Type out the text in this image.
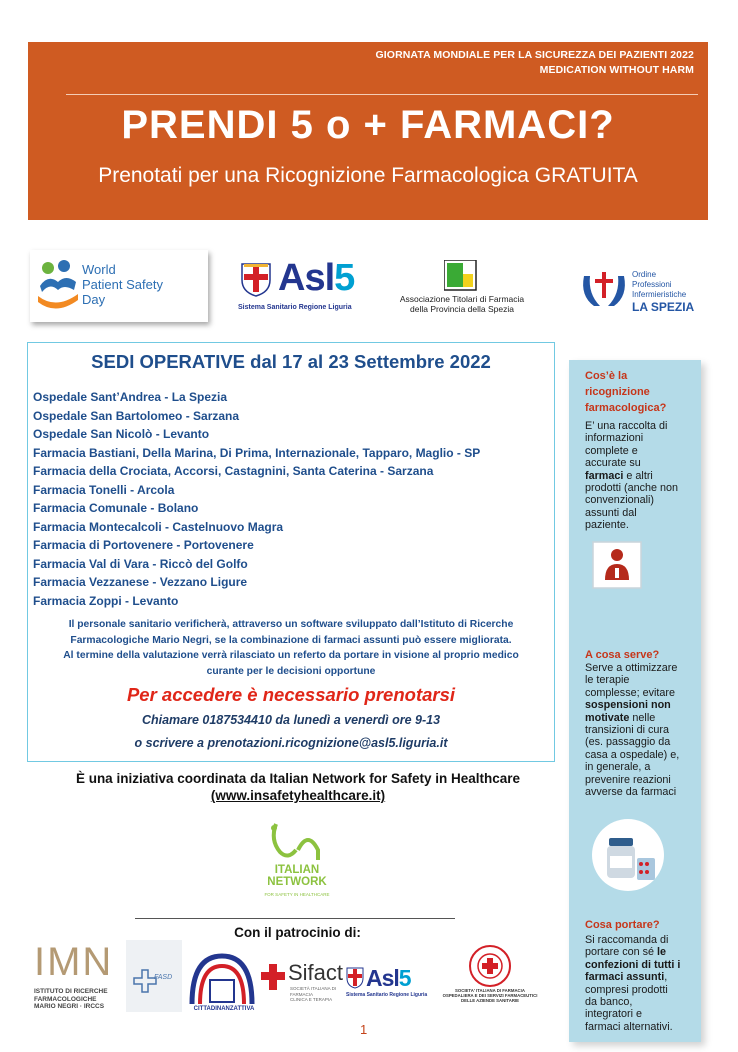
GIORNATA MONDIALE PER LA SICUREZZA DEI PAZIENTI 2022
MEDICATION WITHOUT HARM
PRENDI 5 o + FARMACI?
Prenotati per una Ricognizione Farmacologica GRATUITA
World
Patient Safety
Day
Asl5
Sistema Sanitario Regione Liguria
Associazione Titolari di Farmacia
della Provincia della Spezia
Ordine
Professioni
Infermieristiche
LA SPEZIA
SEDI OPERATIVE dal 17 al 23 Settembre 2022
Ospedale Sant’Andrea - La Spezia
Ospedale San Bartolomeo - Sarzana
Ospedale San Nicolò - Levanto
Farmacia Bastiani, Della Marina, Di Prima, Internazionale, Tapparo, Maglio - SP
Farmacia della Crociata, Accorsi, Castagnini, Santa Caterina - Sarzana
Farmacia Tonelli - Arcola
Farmacia Comunale - Bolano
Farmacia Montecalcoli - Castelnuovo Magra
Farmacia di Portovenere - Portovenere
Farmacia Val di Vara - Riccò del Golfo
Farmacia Vezzanese - Vezzano Ligure
Farmacia Zoppi - Levanto
Il personale sanitario verificherà, attraverso un software sviluppato dall’Istituto di Ricerche
Farmacologiche Mario Negri, se la combinazione di farmaci assunti può essere migliorata.
Al termine della valutazione verrà rilasciato un referto da portare in visione al proprio medico
curante per le decisioni opportune
Per accedere è necessario prenotarsi
Chiamare 0187534410 da lunedì a venerdì ore 9-13
o scrivere a prenotazioni.ricognizione@asl5.liguria.it
È una iniziativa coordinata da Italian Network for Safety in Healthcare
(www.insafetyhealthcare.it)
ITALIAN
NETWORK
FOR SAFETY IN HEALTHCARE
Con il patrocinio di:
IMN
ISTITUTO DI RICERCHE
FARMACOLOGICHE
MARIO NEGRI · IRCCS
FASD
CITTADINANZATTIVA
Sifact
SOCIETÀ ITALIANA DI FARMACIA
CLINICA E TERAPIA
Asl5
Sistema Sanitario Regione Liguria
SOCIETA' ITALIANA DI FARMACIA
OSPEDALIERA E DEI SERVIZI FARMACEUTICI
DELLE AZIENDE SANITARIE
1
Cos’è la
ricognizione
farmacologica?
E’ una raccolta di
informazioni
complete e
accurate su
farmaci e altri
prodotti (anche non
convenzionali)
assunti dal
paziente.
A cosa serve?
Serve a ottimizzare
le terapie
complesse; evitare
sospensioni non
motivate nelle
transizioni di cura
(es. passaggio da
casa a ospedale) e,
in generale, a
prevenire reazioni
avverse da farmaci
Cosa portare?
Si raccomanda di
portare con sé le
confezioni di tutti i
farmaci assunti,
compresi prodotti
da banco,
integratori e
farmaci alternativi.
